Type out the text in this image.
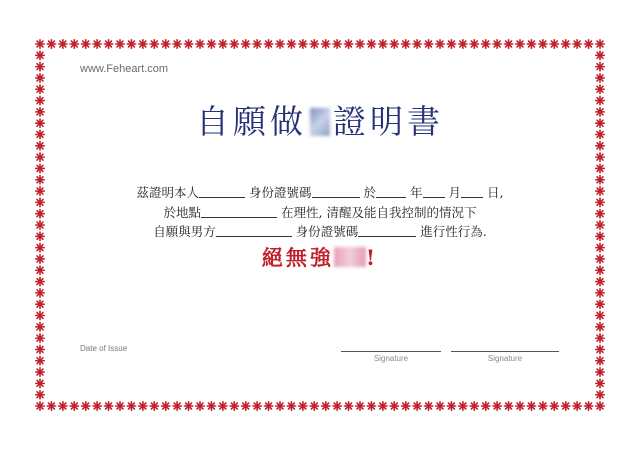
www.Feheart.com
自願做 證明書
茲證明本人	身份證號碼	於	年 月 日,
於地點	在理性, 清醒及能自我控制的情況下
自願與男方	身份證號碼	進行性行為.
絕無強 !
Date of Issue
Signature	Signature
